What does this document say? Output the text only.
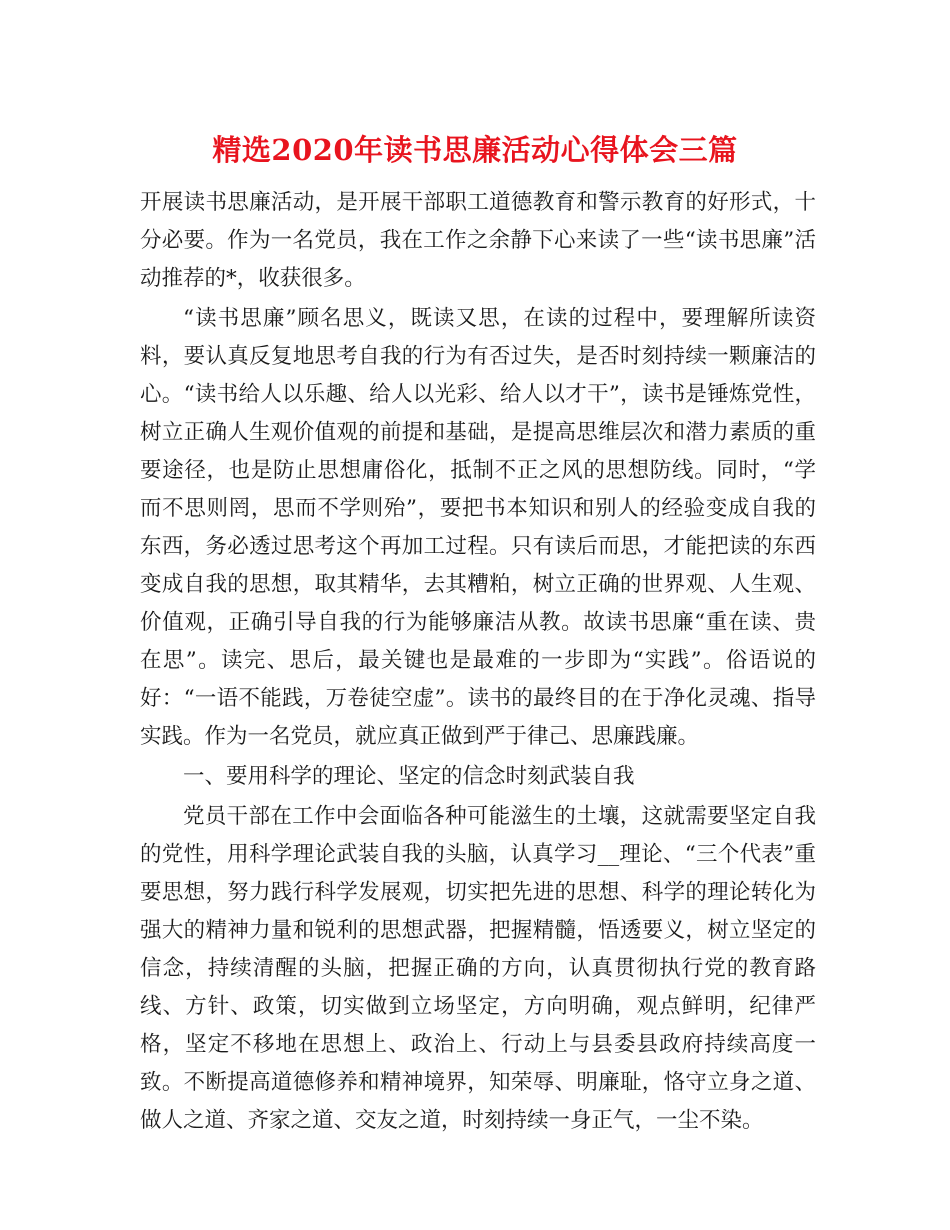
精选2020年读书思廉活动心得体会三篇

开展读书思廉活动，是开展干部职工道德教育和警示教育的好形式，十分必要。作为一名党员，我在工作之余静下心来读了一些“读书思廉”活动推荐的*，收获很多。

“读书思廉”顾名思义，既读又思，在读的过程中，要理解所读资料，要认真反复地思考自我的行为有否过失，是否时刻持续一颗廉洁的心。“读书给人以乐趣、给人以光彩、给人以才干”，读书是锤炼党性，树立正确人生观价值观的前提和基础，是提高思维层次和潜力素质的重要途径，也是防止思想庸俗化，抵制不正之风的思想防线。同时，“学而不思则罔，思而不学则殆”，要把书本知识和别人的经验变成自我的东西，务必透过思考这个再加工过程。只有读后而思，才能把读的东西变成自我的思想，取其精华，去其糟粕，树立正确的世界观、人生观、价值观，正确引导自我的行为能够廉洁从教。故读书思廉“重在读、贵在思”。读完、思后，最关键也是最难的一步即为“实践”。俗语说的好：“一语不能践，万卷徒空虚”。读书的最终目的在于净化灵魂、指导实践。作为一名党员，就应真正做到严于律己、思廉践廉。

一、要用科学的理论、坚定的信念时刻武装自我

党员干部在工作中会面临各种可能滋生的土壤，这就需要坚定自我的党性，用科学理论武装自我的头脑，认真学习__理论、“三个代表”重要思想，努力践行科学发展观，切实把先进的思想、科学的理论转化为强大的精神力量和锐利的思想武器，把握精髓，悟透要义，树立坚定的信念，持续清醒的头脑，把握正确的方向，认真贯彻执行党的教育路线、方针、政策，切实做到立场坚定，方向明确，观点鲜明，纪律严格，坚定不移地在思想上、政治上、行动上与县委县政府持续高度一致。不断提高道德修养和精神境界，知荣辱、明廉耻，恪守立身之道、做人之道、齐家之道、交友之道，时刻持续一身正气，一尘不染。
